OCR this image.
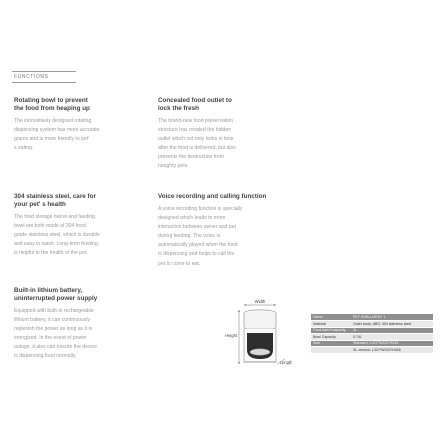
FUNCTIONS
Rotating bowl to prevent
the food from heaping up

The innovatively designed rotating
dispensing system has more accurate
grams and is more friendly to pet'
s eating.

304 stainless steel, care for
your pet' s health

The food storage barrel and feeding
bowl are both made of 304 food
grade stainless steel, which is durable
and easy to wash. Long-term feeding
is helpful to the health of the pet.

Built-in lithium battery,
uninterrupted power supply

Equipped with built-in rechargeable
lithium battery, it can continuously
replenish the power as long as it is
energized. In the event of power
outage, it also can ensure the device
is dispensing food normally.

Concealed food outlet to
lock the fresh

The brand-new food preservation
structure has created the hidden
outlet which not only locks in time
after the food is delivered, but also
prevents the destruction from
naughty pets.

Voice recording and calling function

A voice recording function is specially
designed which leads to more
interaction between owner and pet
during feeding. The voice is
automatically played when the food
is dispensing and helps to call the
pet to come to eat.

Width
Height
Length
Name	PET SHELLMENT 1
Material	Outer body: ABS; 304 stainless steel
Food barrel capacity	3L
Bowl Capacity	0.74L
Size	Standard: L327*W223*H348
	SL version: L337*W223*H348
